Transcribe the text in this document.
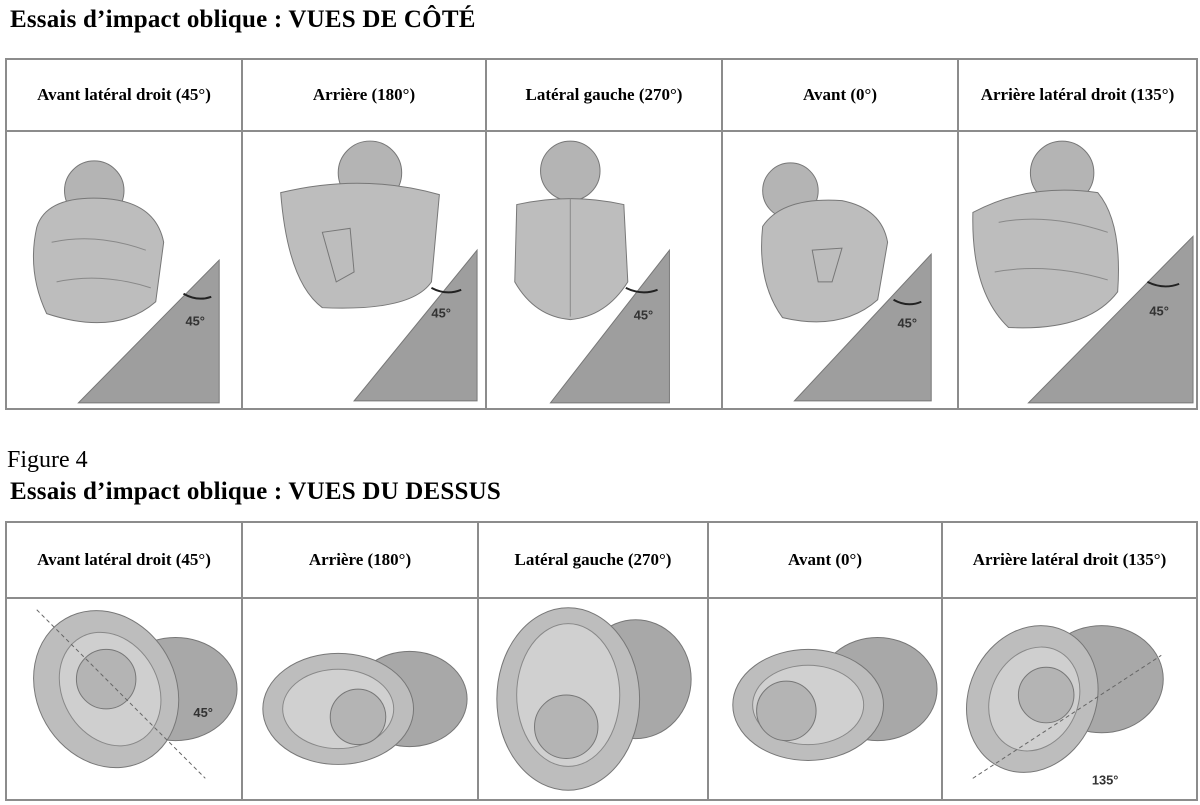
Essais d’impact oblique : VUES DE CÔTÉ
Avant latéral droit (45°)	Arrière (180°)	Latéral gauche (270°)	Avant (0°)	Arrière latéral droit (135°)

45°	45°	45°	45°	45°
Figure 4
Essais d’impact oblique : VUES DU DESSUS
Avant latéral droit (45°)	Arrière (180°)	Latéral gauche (270°)	Avant (0°)	Arrière latéral droit (135°)

45°				135°
